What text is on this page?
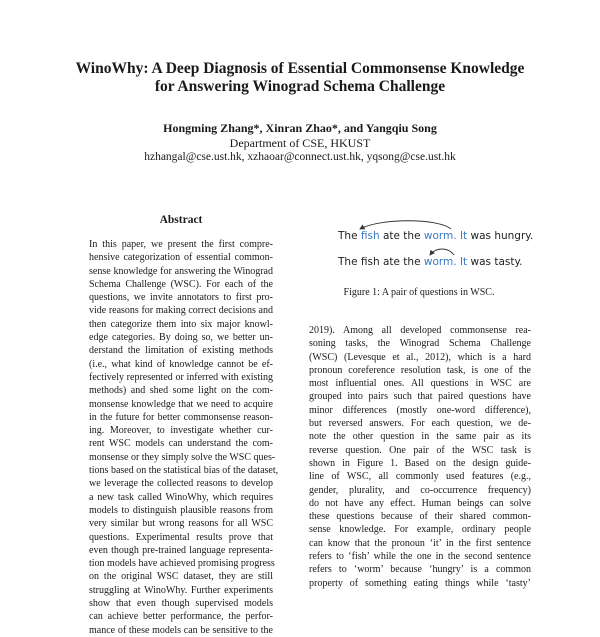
WinoWhy: A Deep Diagnosis of Essential Commonsense Knowledge
for Answering Winograd Schema Challenge
Hongming Zhang*, Xinran Zhao*, and Yangqiu Song
Department of CSE, HKUST
hzhangal@cse.ust.hk, xzhaoar@connect.ust.hk, yqsong@cse.ust.hk
Abstract
In this paper, we present the first compre-
hensive categorization of essential common-
sense knowledge for answering the Winograd
Schema Challenge (WSC). For each of the
questions, we invite annotators to first pro-
vide reasons for making correct decisions and
then categorize them into six major knowl-
edge categories. By doing so, we better un-
derstand the limitation of existing methods
(i.e., what kind of knowledge cannot be ef-
fectively represented or inferred with existing
methods) and shed some light on the com-
monsense knowledge that we need to acquire
in the future for better commonsense reason-
ing. Moreover, to investigate whether cur-
rent WSC models can understand the com-
monsense or they simply solve the WSC ques-
tions based on the statistical bias of the dataset,
we leverage the collected reasons to develop
a new task called WinoWhy, which requires
models to distinguish plausible reasons from
very similar but wrong reasons for all WSC
questions. Experimental results prove that
even though pre-trained language representa-
tion models have achieved promising progress
on the original WSC dataset, they are still
struggling at WinoWhy. Further experiments
show that even though supervised models
can achieve better performance, the perfor-
mance of these models can be sensitive to the
The fish ate the worm. It was hungry.
The fish ate the worm. It was tasty.
Figure 1: A pair of questions in WSC.
2019). Among all developed commonsense rea-
soning tasks, the Winograd Schema Challenge
(WSC) (Levesque et al., 2012), which is a hard
pronoun coreference resolution task, is one of the
most influential ones. All questions in WSC are
grouped into pairs such that paired questions have
minor differences (mostly one-word difference),
but reversed answers. For each question, we de-
note the other question in the same pair as its
reverse question. One pair of the WSC task is
shown in Figure 1. Based on the design guide-
line of WSC, all commonly used features (e.g.,
gender, plurality, and co-occurrence frequency)
do not have any effect. Human beings can solve
these questions because of their shared common-
sense knowledge. For example, ordinary people
can know that the pronoun ‘it’ in the first sentence
refers to ‘fish’ while the one in the second sentence
refers to ‘worm’ because ‘hungry’ is a common
property of something eating things while ‘tasty’
